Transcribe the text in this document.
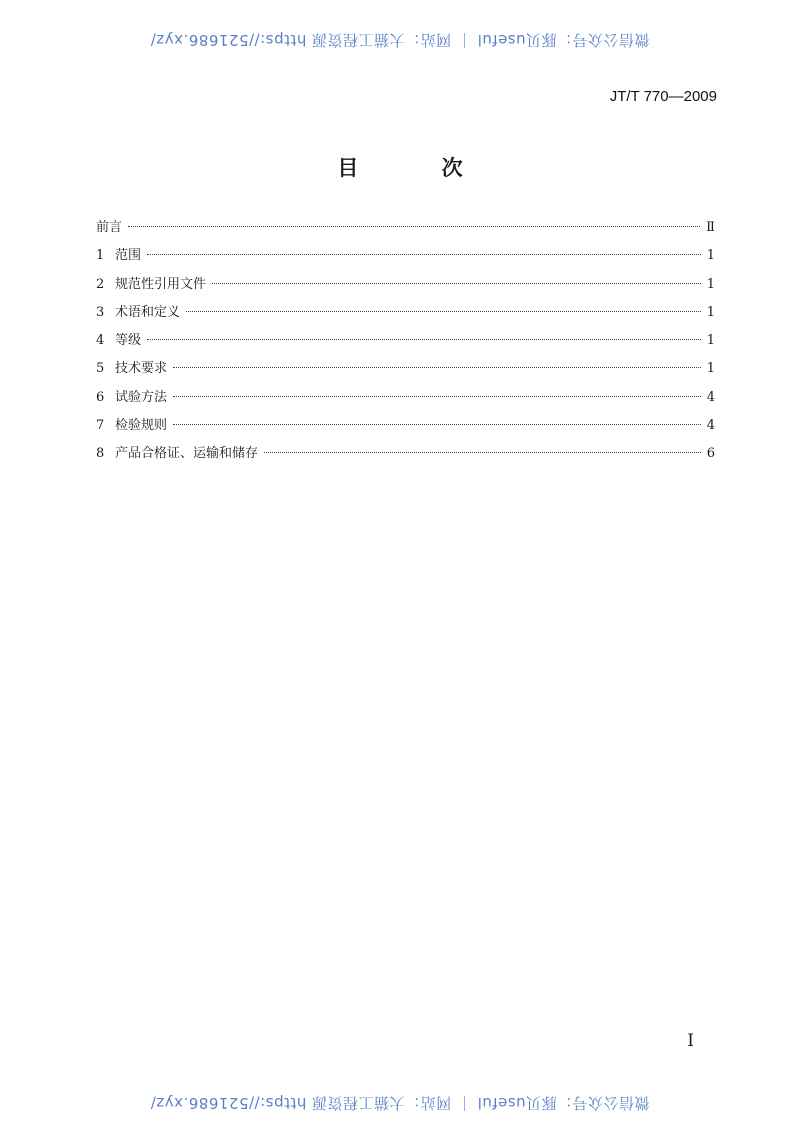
微信公众号：豚贝useful ｜ 网站：大猫工程资源 https://521686.xyz/
JT/T 770—2009
目 次
前言	Ⅱ
1 范围	1
2 规范性引用文件	1
3 术语和定义	1
4 等级	1
5 技术要求	1
6 试验方法	4
7 检验规则	4
8 产品合格证、运输和储存	6
Ⅰ
微信公众号：豚贝useful ｜ 网站：大猫工程资源 https://521686.xyz/
